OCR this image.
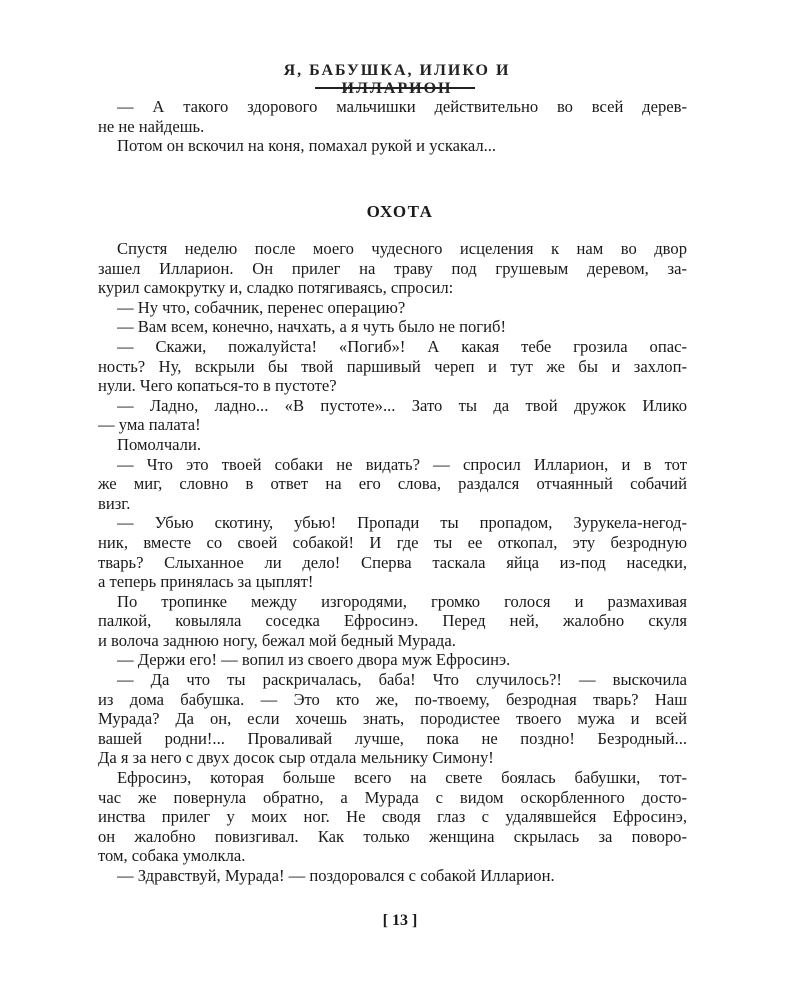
Я, БАБУШКА, ИЛИКО И
— А такого здорового мальчишки действительно во всей дерев-
не не найдешь.
Потом он вскочил на коня, помахал рукой и ускакал...
ОХОТА
Спустя неделю после моего чудесного исцеления к нам во двор
зашел Илларион. Он прилег на траву под грушевым деревом, за-
курил самокрутку и, сладко потягиваясь, спросил:
— Ну что, собачник, перенес операцию?
— Вам всем, конечно, начхать, а я чуть было не погиб!
— Скажи, пожалуйста! «Погиб»! А какая тебе грозила опас-
ность? Ну, вскрыли бы твой паршивый череп и тут же бы и захлоп-
нули. Чего копаться-то в пустоте?
— Ладно, ладно... «В пустоте»... Зато ты да твой дружок Илико
— ума палата!
Помолчали.
— Что это твоей собаки не видать? — спросил Илларион, и в тот
же миг, словно в ответ на его слова, раздался отчаянный собачий
визг.
— Убью скотину, убью! Пропади ты пропадом, Зурукела-негод-
ник, вместе со своей собакой! И где ты ее откопал, эту безродную
тварь? Слыханное ли дело! Сперва таскала яйца из-под наседки,
а теперь принялась за цыплят!
По тропинке между изгородями, громко голося и размахивая
палкой, ковыляла соседка Ефросинэ. Перед ней, жалобно скуля
и волоча заднюю ногу, бежал мой бедный Мурада.
— Держи его! — вопил из своего двора муж Ефросинэ.
— Да что ты раскричалась, баба! Что случилось?! — выскочила
из дома бабушка. — Это кто же, по-твоему, безродная тварь? Наш
Мурада? Да он, если хочешь знать, породистее твоего мужа и всей
вашей родни!... Проваливай лучше, пока не поздно! Безродный...
Да я за него с двух досок сыр отдала мельнику Симону!
Ефросинэ, которая больше всего на свете боялась бабушки, тот-
час же повернула обратно, а Мурада с видом оскорбленного досто-
инства прилег у моих ног. Не сводя глаз с удалявшейся Ефросинэ,
он жалобно повизгивал. Как только женщина скрылась за поворо-
том, собака умолкла.
— Здравствуй, Мурада! — поздоровался с собакой Илларион.
[ 13 ]
